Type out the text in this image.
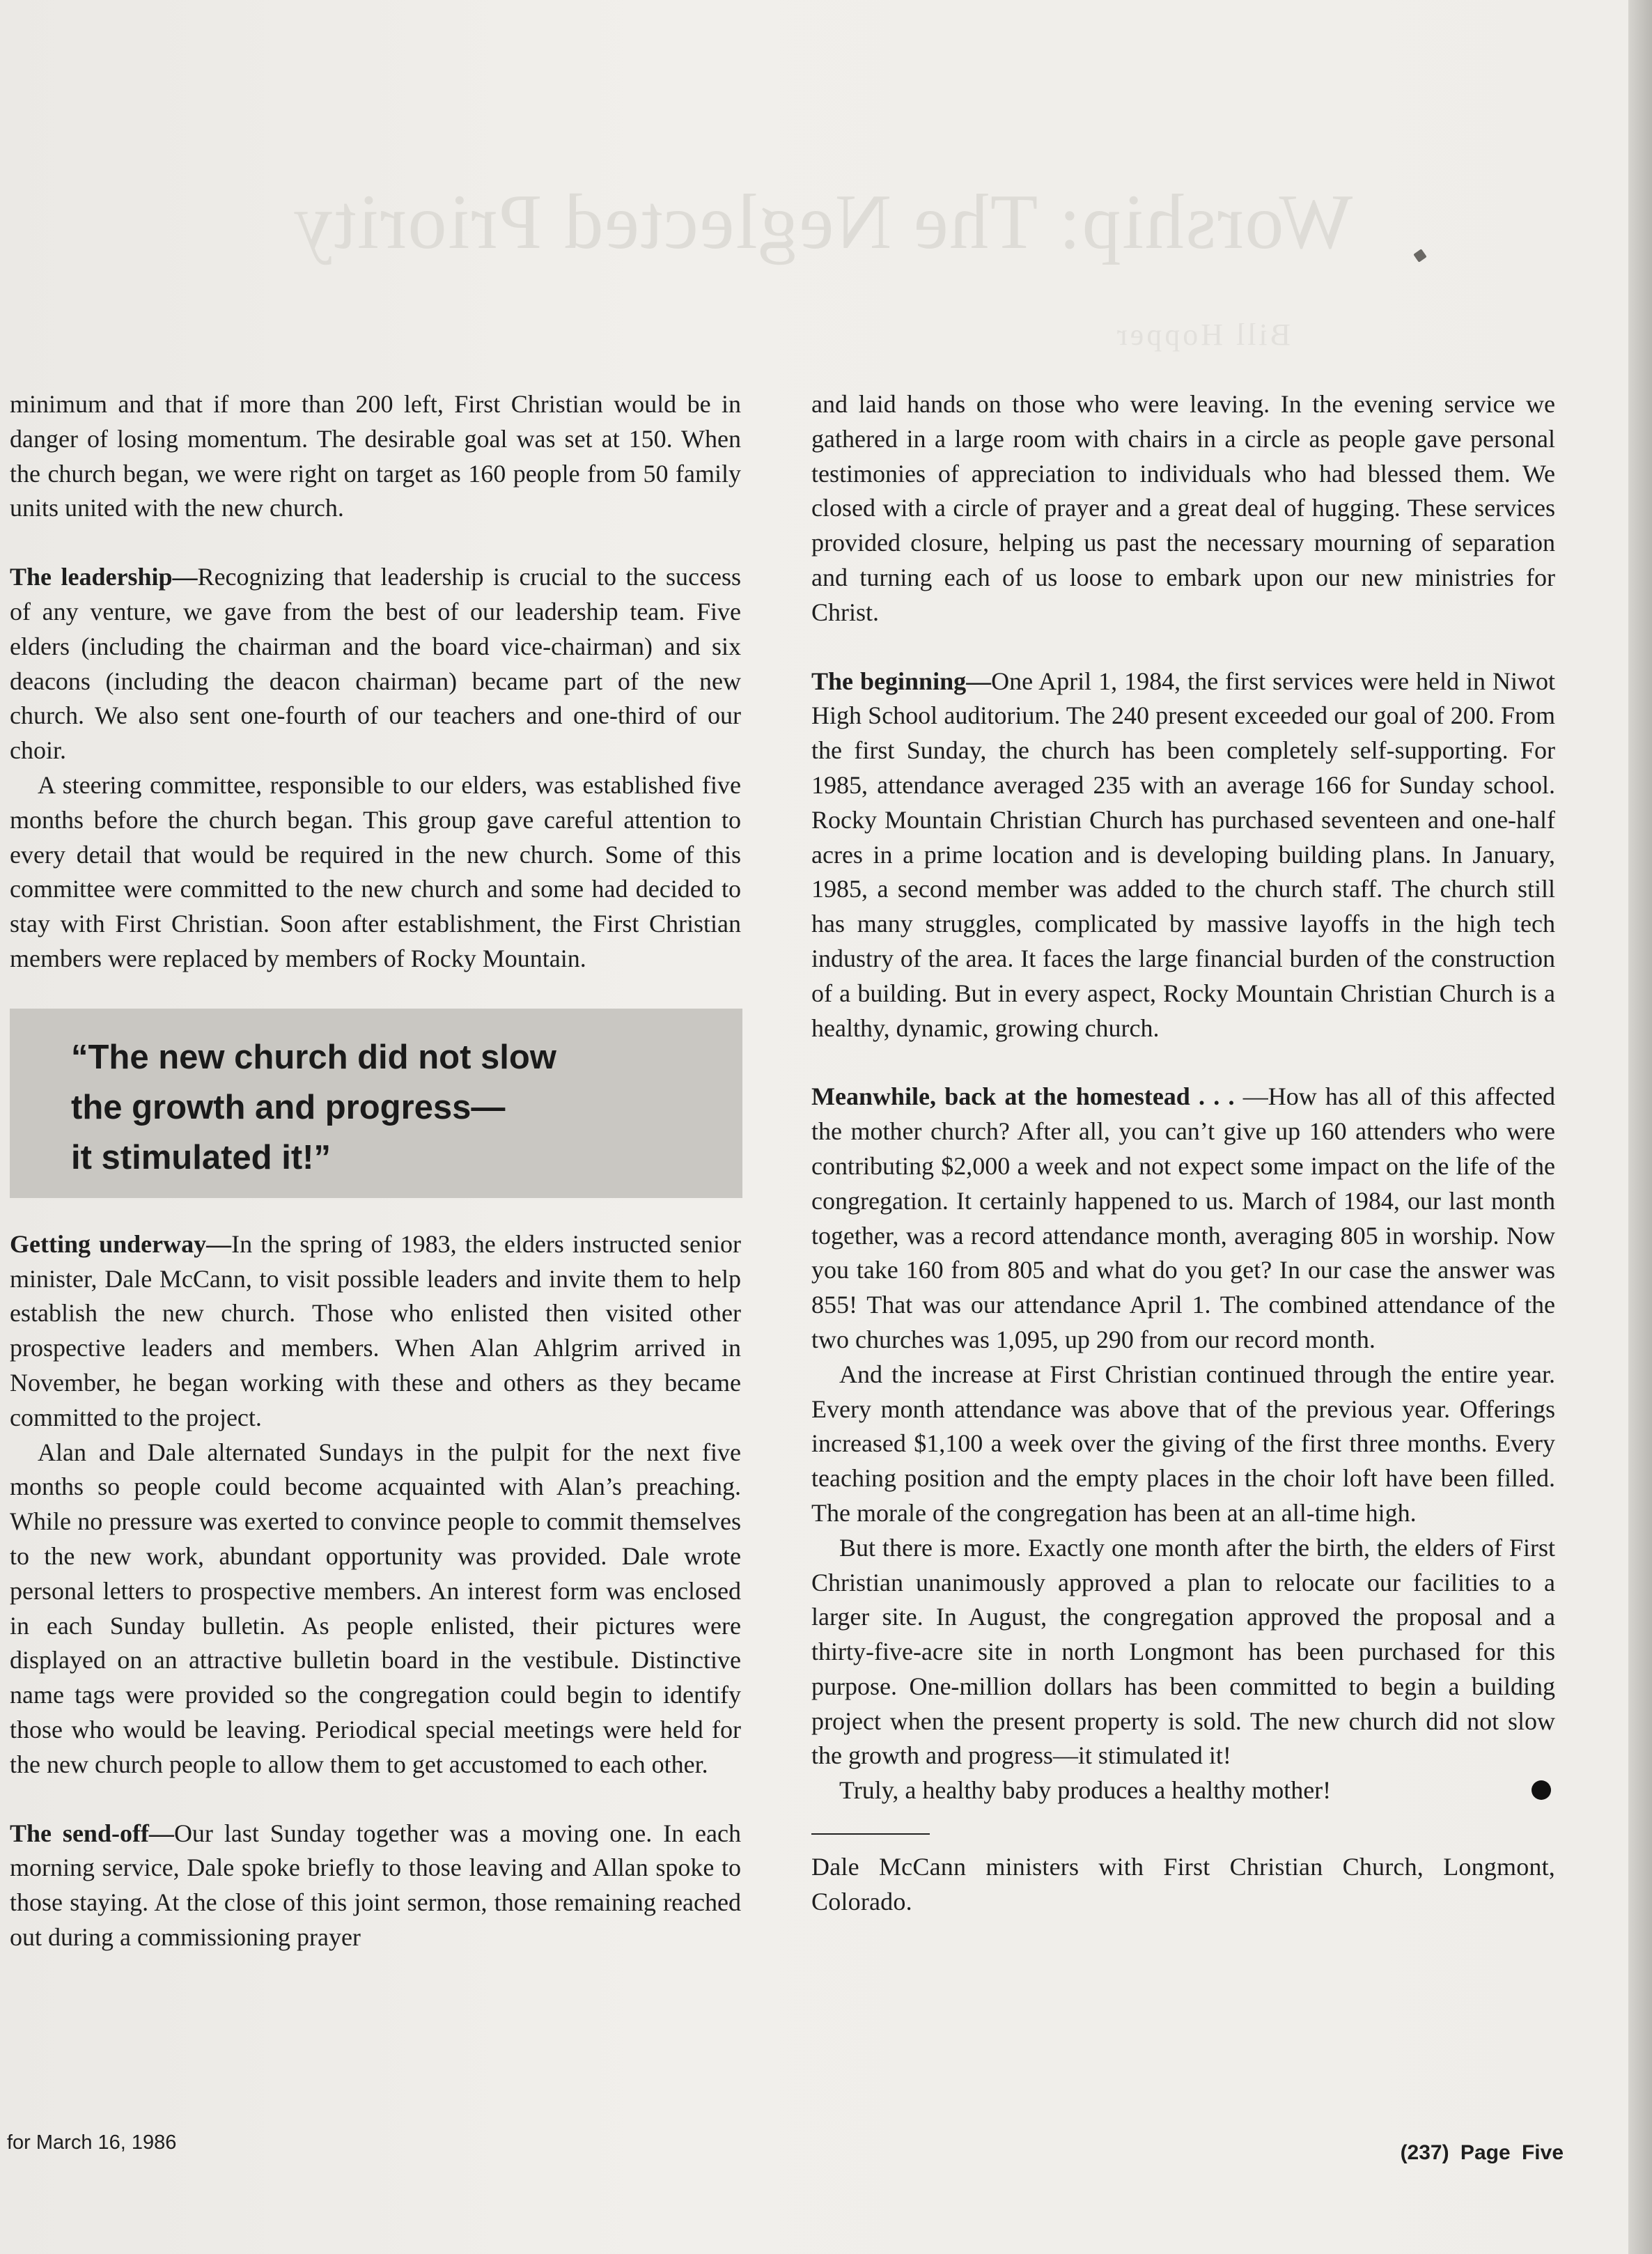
Worship: The Neglected Priority
Bill Hopper

minimum and that if more than 200 left, First Christian would be in danger of losing momentum. The desirable goal was set at 150. When the church began, we were right on target as 160 people from 50 family units united with the new church.

The leadership—Recognizing that leadership is crucial to the success of any venture, we gave from the best of our leadership team. Five elders (including the chairman and the board vice-chairman) and six deacons (including the deacon chairman) became part of the new church. We also sent one-fourth of our teachers and one-third of our choir.

A steering committee, responsible to our elders, was established five months before the church began. This group gave careful attention to every detail that would be required in the new church. Some of this committee were committed to the new church and some had decided to stay with First Christian. Soon after establishment, the First Christian members were replaced by members of Rocky Mountain.

“The new church did not slow
the growth and progress—
it stimulated it!”

Getting underway—In the spring of 1983, the elders instructed senior minister, Dale McCann, to visit possible leaders and invite them to help establish the new church. Those who enlisted then visited other prospective leaders and members. When Alan Ahlgrim arrived in November, he began working with these and others as they became committed to the project.

Alan and Dale alternated Sundays in the pulpit for the next five months so people could become acquainted with Alan’s preaching. While no pressure was exerted to convince people to commit themselves to the new work, abundant opportunity was provided. Dale wrote personal letters to prospective members. An interest form was enclosed in each Sunday bulletin. As people enlisted, their pictures were displayed on an attractive bulletin board in the vestibule. Distinctive name tags were provided so the congregation could begin to identify those who would be leaving. Periodical special meetings were held for the new church people to allow them to get accustomed to each other.

The send-off—Our last Sunday together was a moving one. In each morning service, Dale spoke briefly to those leaving and Allan spoke to those staying. At the close of this joint sermon, those remaining reached out during a commissioning prayer

and laid hands on those who were leaving. In the evening service we gathered in a large room with chairs in a circle as people gave personal testimonies of appreciation to individuals who had blessed them. We closed with a circle of prayer and a great deal of hugging. These services provided closure, helping us past the necessary mourning of separation and turning each of us loose to embark upon our new ministries for Christ.

The beginning—One April 1, 1984, the first services were held in Niwot High School auditorium. The 240 present exceeded our goal of 200. From the first Sunday, the church has been completely self-supporting. For 1985, attendance averaged 235 with an average 166 for Sunday school. Rocky Mountain Christian Church has purchased seventeen and one-half acres in a prime location and is developing building plans. In January, 1985, a second member was added to the church staff. The church still has many struggles, complicated by massive layoffs in the high tech industry of the area. It faces the large financial burden of the construction of a building. But in every aspect, Rocky Mountain Christian Church is a healthy, dynamic, growing church.

Meanwhile, back at the homestead . . . —How has all of this affected the mother church? After all, you can’t give up 160 attenders who were contributing $2,000 a week and not expect some impact on the life of the congregation. It certainly happened to us. March of 1984, our last month together, was a record attendance month, averaging 805 in worship. Now you take 160 from 805 and what do you get? In our case the answer was 855! That was our attendance April 1. The combined attendance of the two churches was 1,095, up 290 from our record month.

And the increase at First Christian continued through the entire year. Every month attendance was above that of the previous year. Offerings increased $1,100 a week over the giving of the first three months. Every teaching position and the empty places in the choir loft have been filled. The morale of the congregation has been at an all-time high.

But there is more. Exactly one month after the birth, the elders of First Christian unanimously approved a plan to relocate our facilities to a larger site. In August, the congregation approved the proposal and a thirty-five-acre site in north Longmont has been purchased for this purpose. One-million dollars has been committed to begin a building project when the present property is sold. The new church did not slow the growth and progress—it stimulated it!

Truly, a healthy baby produces a healthy mother!

Dale McCann ministers with First Christian Church, Longmont, Colorado.

for March 16, 1986	(237) Page Five
